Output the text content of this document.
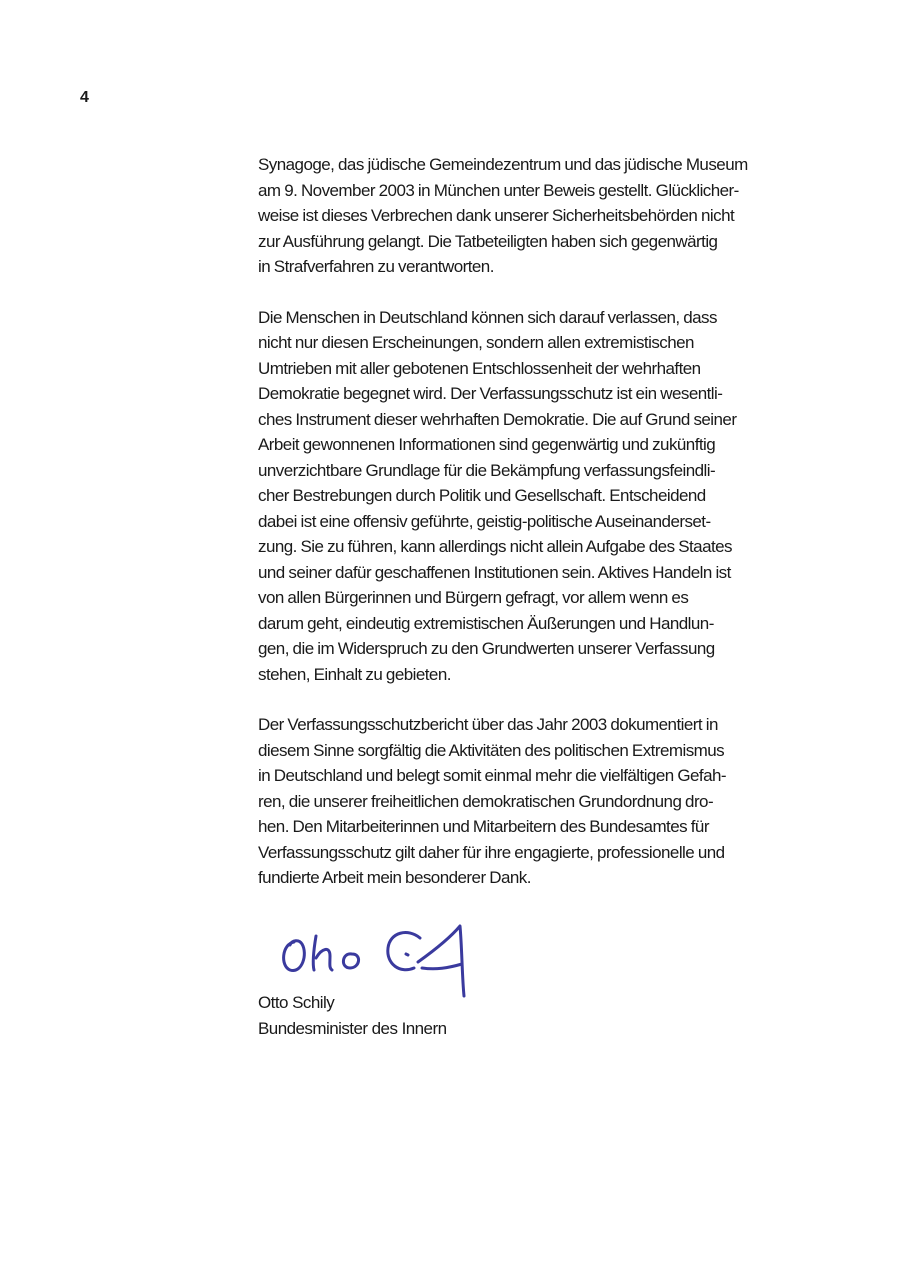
4

Synagoge, das jüdische Gemeindezentrum und das jüdische Museum
am 9. November 2003 in München unter Beweis gestellt. Glücklicher-
weise ist dieses Verbrechen dank unserer Sicherheitsbehörden nicht
zur Ausführung gelangt. Die Tatbeteiligten haben sich gegenwärtig
in Strafverfahren zu verantworten.

Die Menschen in Deutschland können sich darauf verlassen, dass
nicht nur diesen Erscheinungen, sondern allen extremistischen
Umtrieben mit aller gebotenen Entschlossenheit der wehrhaften
Demokratie begegnet wird. Der Verfassungsschutz ist ein wesentli-
ches Instrument dieser wehrhaften Demokratie. Die auf Grund seiner
Arbeit gewonnenen Informationen sind gegenwärtig und zukünftig
unverzichtbare Grundlage für die Bekämpfung verfassungsfeindli-
cher Bestrebungen durch Politik und Gesellschaft. Entscheidend
dabei ist eine offensiv geführte, geistig-politische Auseinanderset-
zung. Sie zu führen, kann allerdings nicht allein Aufgabe des Staates
und seiner dafür geschaffenen Institutionen sein. Aktives Handeln ist
von allen Bürgerinnen und Bürgern gefragt, vor allem wenn es
darum geht, eindeutig extremistischen Äußerungen und Handlun-
gen, die im Widerspruch zu den Grundwerten unserer Verfassung
stehen, Einhalt zu gebieten.

Der Verfassungsschutzbericht über das Jahr 2003 dokumentiert in
diesem Sinne sorgfältig die Aktivitäten des politischen Extremismus
in Deutschland und belegt somit einmal mehr die vielfältigen Gefah-
ren, die unserer freiheitlichen demokratischen Grundordnung dro-
hen. Den Mitarbeiterinnen und Mitarbeitern des Bundesamtes für
Verfassungsschutz gilt daher für ihre engagierte, professionelle und
fundierte Arbeit mein besonderer Dank.

Otto Schily
Bundesminister des Innern
